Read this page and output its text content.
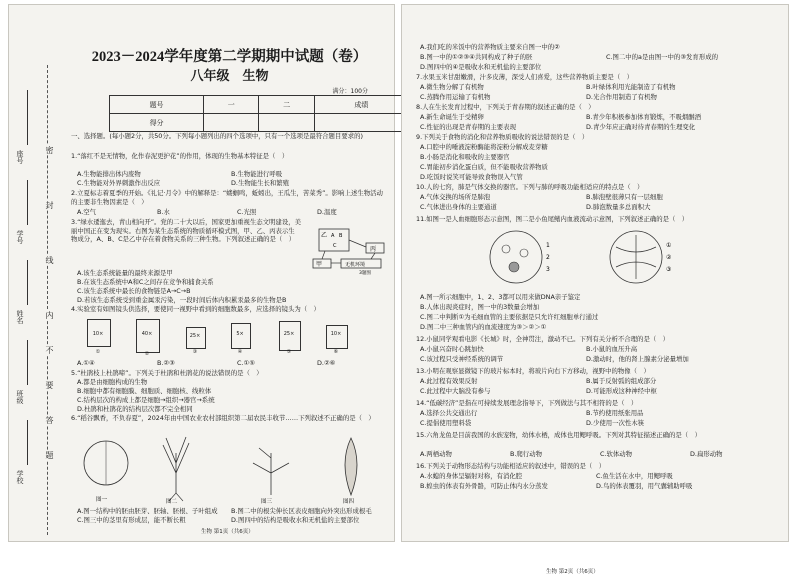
密
封
线
内
不
要
答
题
学校
班级
姓名
学号
座号
2023－2024学年度第二学期期中试题（卷）
八年级　生物
满分：100分
题号	一	二	成绩
得分			
一、选择题。(每小题2分，共50分。下列每小题列出的四个选项中，只有一个选项是最符合题目要求的)
1.“落红不是无情物，化作春泥更护花”的作用，体现的生物基本特征是（　）
A.生物能排出体内废物	B.生物能进行呼吸
C.生物能对外界刺激作出反应	D.生物能生长和繁殖
2.立夏标志着夏季的开始。《礼记·月令》中的解释是：“蝼蝈鸣，蚯蚓出，王瓜生，苦菜秀”。影响上述生物活动的主要非生物因素是（　）
A.空气	B.水	C.光照	D.温度
3.“绿水逶迤去，青山相向开”。党的二十大以后，国家更加重视生态文明建设，美丽中国正在变为现实。右图为某生态系统的物质循环模式图，甲、乙、丙表示生物成分，A、B、C是乙中存在着食物关系的三种生物。下列叙述正确的是（　）
A.该生态系统能量的最终来源是甲
B.在该生态系统中A和C之间存在竞争和捕食关系
C.该生态系统中最长的食物链是A→C→B
D.若该生态系统受到重金属汞污染，一段时间后体内积累汞最多的生物是B
乙
甲
丙
A B
C
无机环境
3题图
4.实验室有如图镜头供选择，要使同一视野中看到的细胞数最多，应选择的镜头为（　）
10×	40×	25×	5×	25×	10×
①	②	③	④	⑤	⑥
A.①④	B.②③	C.①⑤	D.②⑥
5.“杜鹃枝上杜鹃啼”。下列关于杜鹃和杜鹃花的说法错误的是（　）
A.都是由细胞构成的生物
B.细胞中都有细胞膜、细胞质、细胞核、线粒体
C.结构层次的构成上都是细胞→组织→器官→系统
D.杜鹃和杜鹃花的结构层次都不完全相同
6.“稻谷飘香，不负春夏”，2024年由中国农业农村部组织第二届农民丰收节……下列叙述不正确的是（　）
图一	图二	图三	图四
A.图一结构中的胚由胚芽、胚轴、胚根、子叶组成 B.图二中的根尖伸长区表皮细胞向外突出形成根毛
C.图三中的茎里有形成层，能不断长粗	D.图四中的结构是吸收水和无机盐的主要部位
生物 第1页（共6页）
A.我们吃的米饭中的营养物质主要来自图一中的②
B.图一中的①②③④共同构成了种子的胚	C.图二中的a是由图一中的③发育形成的
D.图四中的④是吸收水和无机盐的主要部位
7.水果玉米甘甜嫩滑，汁多皮薄，深受人们喜爱，这些营养物质主要是（　）
A.微生物分解了有机物	B.叶绿体利用光能制造了有机物
C.蒸腾作用运输了有机物	D.光合作用制造了有机物
8.人在生长发育过程中，下列关于青春期的叙述正确的是（　）
A.新生命诞生于受精卵	B.青少年积极参加体育锻炼，不吸烟酗酒
C.性征的出现是青春期的主要表现	D.青少年应正确对待青春期的生理变化
9.下列关于食物的消化和营养物质吸收的说法错误的是（　）
A.口腔中的唾液淀粉酶能将淀粉分解成麦芽糖
B.小肠是消化和吸收的主要器官
C.胃能初步消化蛋白质，但不能吸收营养物质
D.吃饭时说笑可能导致食物误入气管
10.人的七窍，肺是气体交换的器官。下列与肺的呼吸功能相适应的特点是（　）
A.气体交换的场所是肺泡	B.肺泡壁很薄只有一层细胞
C.气体进出身体的主要通道	D.肺泡数量多总面积大
11.如图一是人血细胞形态示意图，图二是小鱼尾鳍内血液流动示意图，下列叙述正确的是（　）
1
2
3
①
②
③
A.图一所示细胞中，1、2、3都可以用来做DNA亲子鉴定
B.人体出现炎症时，图一中的3数量会增加
C.图二中判断①为毛细血管的主要依据是只允许红细胞单行通过
D.图二中三种血管内的血流速度为③＞②＞①
12.小鼠同学观看电影《长城》时，全神贯注，激动不已。下列有关分析不合理的是（　）
A.小鼠兴奋时心跳加快	B.小鼠的血压升高
C.该过程只受神经系统的调节	D.激动时，他的肾上腺素分泌量增加
13.小明在观察显微镜下的玻片标本时，将玻片向右下方移动，视野中的物像（　）
A.此过程有效果反射	B.属于反射弧的组成部分
C.此过程中大脑没有参与	D.可能形成这种神经中枢
14.“低碳经济”是指在可持续发展理念指导下，下列做法与其不相符的是（　）
A.选择公共交通出行	B.节约使用纸张用品
C.提倡使用塑料袋	D.少使用一次性木筷
15.六角龙鱼是目前我国的水族宠物，幼体水栖，成体也用鳃呼吸。下列对其特征描述正确的是（　）
A.两栖动物	B.爬行动物	C.软体动物	D.扁形动物
16.下列关于动物形态结构与功能相适应的叙述中，错误的是（　）
A.水螅的身体呈辐射对称，有消化腔
B.蝗虫的体表有外骨骼，可防止体内水分蒸发
C.鱼生活在水中，用鳃呼吸
D.鸟的体表覆羽，用气囊辅助呼吸
生物 第2页（共6页）
